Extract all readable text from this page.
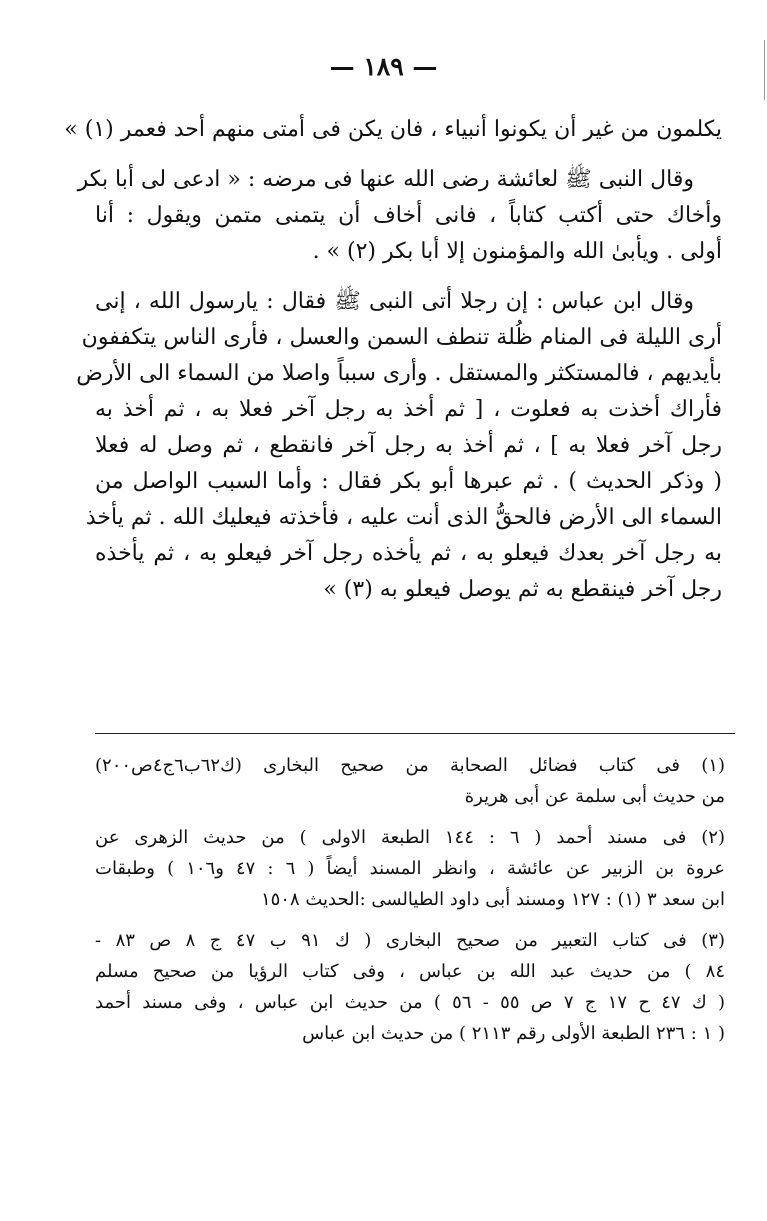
— ١٨٩ —

يكلمون من غير أن يكونوا أنبياء ، فان يكن فى أمتى منهم أحد فعمر (١) »

وقال النبى ﷺ لعائشة رضى الله عنها فى مرضه : « ادعى لى أبا بكر
وأخاك حتى أكتب كتاباً ، فانى أخاف أن يتمنى متمن ويقول : أنا
أولى . ويأبىٰ الله والمؤمنون إلا أبا بكر (٢) » .

وقال ابن عباس : إن رجلا أتى النبى ﷺ فقال : يارسول الله ، إنى
أرى الليلة فى المنام ظُلة تنطف السمن والعسل ، فأرى الناس يتكففون
بأيديهم ، فالمستكثر والمستقل . وأرى سبباً واصلا من السماء الى الأرض
فأراك أخذت به فعلوت ، [ ثم أخذ به رجل آخر فعلا به ، ثم أخذ به
رجل آخر فعلا به ] ، ثم أخذ به رجل آخر فانقطع ، ثم وصل له فعلا
( وذكر الحديث ) . ثم عبرها أبو بكر فقال : وأما السبب الواصل من
السماء الى الأرض فالحقُّ الذى أنت عليه ، فأخذته فيعليك الله . ثم يأخذ
به رجل آخر بعدك فيعلو به ، ثم يأخذه رجل آخر فيعلو به ، ثم يأخذه
رجل آخر فينقطع به ثم يوصل فيعلو به (٣) »

(١) فى كتاب فضائل الصحابة من صحيح البخارى (ك٦٢ب٦ج٤ص٢٠٠)
من حديث أبى سلمة عن أبى هريرة
(٢) فى مسند أحمد ( ٦ : ١٤٤ الطبعة الاولى ) من حديث الزهرى عن
عروة بن الزبير عن عائشة ، وانظر المسند أيضاً ( ٦ : ٤٧ و١٠٦ ) وطبقات
ابن سعد ٣ (١) : ١٢٧ ومسند أبى داود الطيالسى :الحديث ١٥٠٨
(٣) فى كتاب التعبير من صحيح البخارى ( ك ٩١ ب ٤٧ ج ٨ ص ٨٣ -
٨٤ ) من حديث عبد الله بن عباس ، وفى كتاب الرؤيا من صحيح مسلم
( ك ٤٧ ح ١٧ ج ٧ ص ٥٥ - ٥٦ ) من حديث ابن عباس ، وفى مسند أحمد
( ١ : ٢٣٦ الطبعة الأولى رقم ٢١١٣ ) من حديث ابن عباس
